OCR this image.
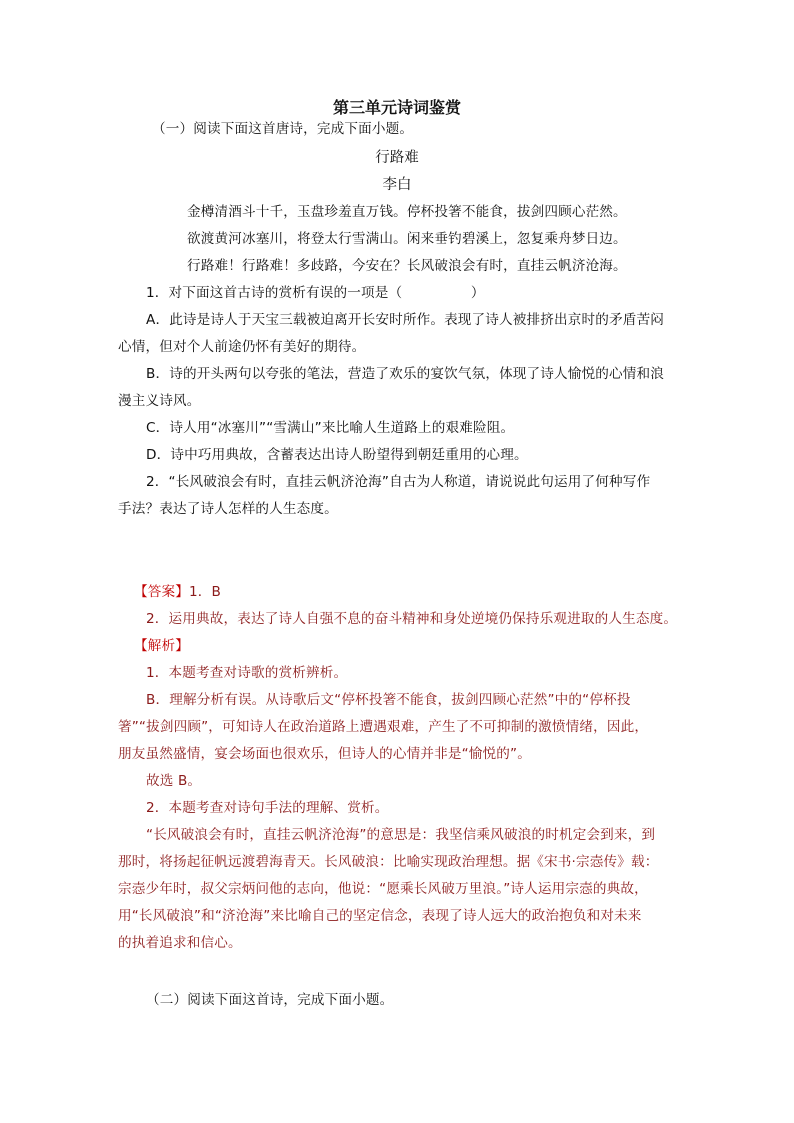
第三单元诗词鉴赏
（一）阅读下面这首唐诗，完成下面小题。
行路难
李白
金樽清酒斗十千，玉盘珍羞直万钱。停杯投箸不能食，拔剑四顾心茫然。
欲渡黄河冰塞川，将登太行雪满山。闲来垂钓碧溪上，忽复乘舟梦日边。
行路难！行路难！多歧路，今安在？长风破浪会有时，直挂云帆济沧海。
1．对下面这首古诗的赏析有误的一项是（　　　　　）
A．此诗是诗人于天宝三载被迫离开长安时所作。表现了诗人被排挤出京时的矛盾苦闷
心情，但对个人前途仍怀有美好的期待。
B．诗的开头两句以夸张的笔法，营造了欢乐的宴饮气氛，体现了诗人愉悦的心情和浪
漫主义诗风。
C．诗人用“冰塞川”“雪满山”来比喻人生道路上的艰难险阻。
D．诗中巧用典故，含蓄表达出诗人盼望得到朝廷重用的心理。
2．“长风破浪会有时，直挂云帆济沧海”自古为人称道，请说说此句运用了何种写作
手法？表达了诗人怎样的人生态度。
【答案】1．B
2．运用典故，表达了诗人自强不息的奋斗精神和身处逆境仍保持乐观进取的人生态度。
【解析】
1．本题考查对诗歌的赏析辨析。
B．理解分析有误。从诗歌后文“停杯投箸不能食，拔剑四顾心茫然”中的“停杯投
箸”“拔剑四顾”，可知诗人在政治道路上遭遇艰难，产生了不可抑制的激愤情绪，因此，
朋友虽然盛情，宴会场面也很欢乐，但诗人的心情并非是“愉悦的”。
故选 B。
2．本题考查对诗句手法的理解、赏析。
“长风破浪会有时，直挂云帆济沧海”的意思是：我坚信乘风破浪的时机定会到来，到
那时，将扬起征帆远渡碧海青天。长风破浪：比喻实现政治理想。据《宋书·宗悫传》载：
宗悫少年时，叔父宗炳问他的志向，他说：“愿乘长风破万里浪。”诗人运用宗悫的典故，
用“长风破浪”和“济沧海”来比喻自己的坚定信念，表现了诗人远大的政治抱负和对未来
的执着追求和信心。
（二）阅读下面这首诗，完成下面小题。
